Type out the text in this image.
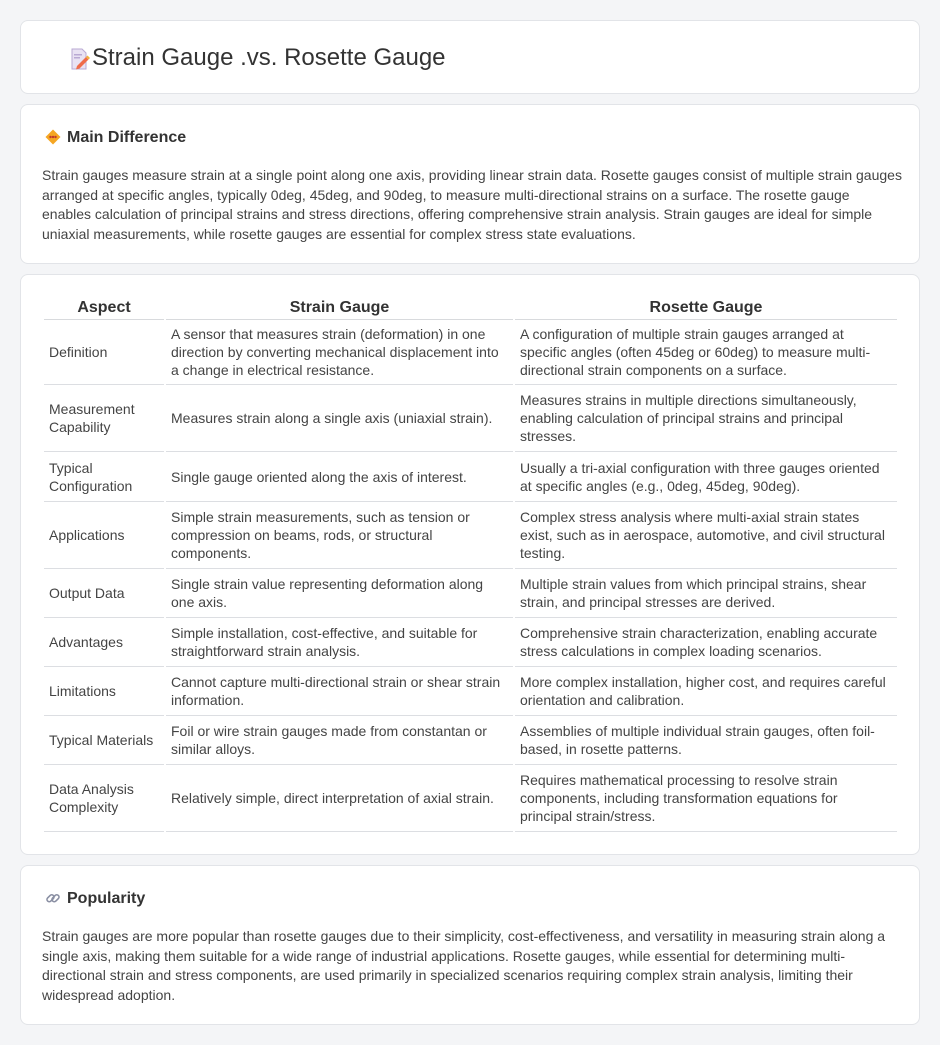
Strain Gauge .vs. Rosette Gauge
Main Difference

Strain gauges measure strain at a single point along one axis, providing linear strain data. Rosette gauges consist of multiple strain gauges arranged at specific angles, typically 0deg, 45deg, and 90deg, to measure multi-directional strains on a surface. The rosette gauge enables calculation of principal strains and stress directions, offering comprehensive strain analysis. Strain gauges are ideal for simple uniaxial measurements, while rosette gauges are essential for complex stress state evaluations.

Aspect	Strain Gauge	Rosette Gauge
Definition	A sensor that measures strain (deformation) in one direction by converting mechanical displacement into a change in electrical resistance.	A configuration of multiple strain gauges arranged at specific angles (often 45deg or 60deg) to measure multi-directional strain components on a surface.
Measurement Capability	Measures strain along a single axis (uniaxial strain).	Measures strains in multiple directions simultaneously, enabling calculation of principal strains and principal stresses.
Typical Configuration	Single gauge oriented along the axis of interest.	Usually a tri-axial configuration with three gauges oriented at specific angles (e.g., 0deg, 45deg, 90deg).
Applications	Simple strain measurements, such as tension or compression on beams, rods, or structural components.	Complex stress analysis where multi-axial strain states exist, such as in aerospace, automotive, and civil structural testing.
Output Data	Single strain value representing deformation along one axis.	Multiple strain values from which principal strains, shear strain, and principal stresses are derived.
Advantages	Simple installation, cost-effective, and suitable for straightforward strain analysis.	Comprehensive strain characterization, enabling accurate stress calculations in complex loading scenarios.
Limitations	Cannot capture multi-directional strain or shear strain information.	More complex installation, higher cost, and requires careful orientation and calibration.
Typical Materials	Foil or wire strain gauges made from constantan or similar alloys.	Assemblies of multiple individual strain gauges, often foil-based, in rosette patterns.
Data Analysis Complexity	Relatively simple, direct interpretation of axial strain.	Requires mathematical processing to resolve strain components, including transformation equations for principal strain/stress.
Popularity

Strain gauges are more popular than rosette gauges due to their simplicity, cost-effectiveness, and versatility in measuring strain along a single axis, making them suitable for a wide range of industrial applications. Rosette gauges, while essential for determining multi-directional strain and stress components, are used primarily in specialized scenarios requiring complex strain analysis, limiting their widespread adoption.
